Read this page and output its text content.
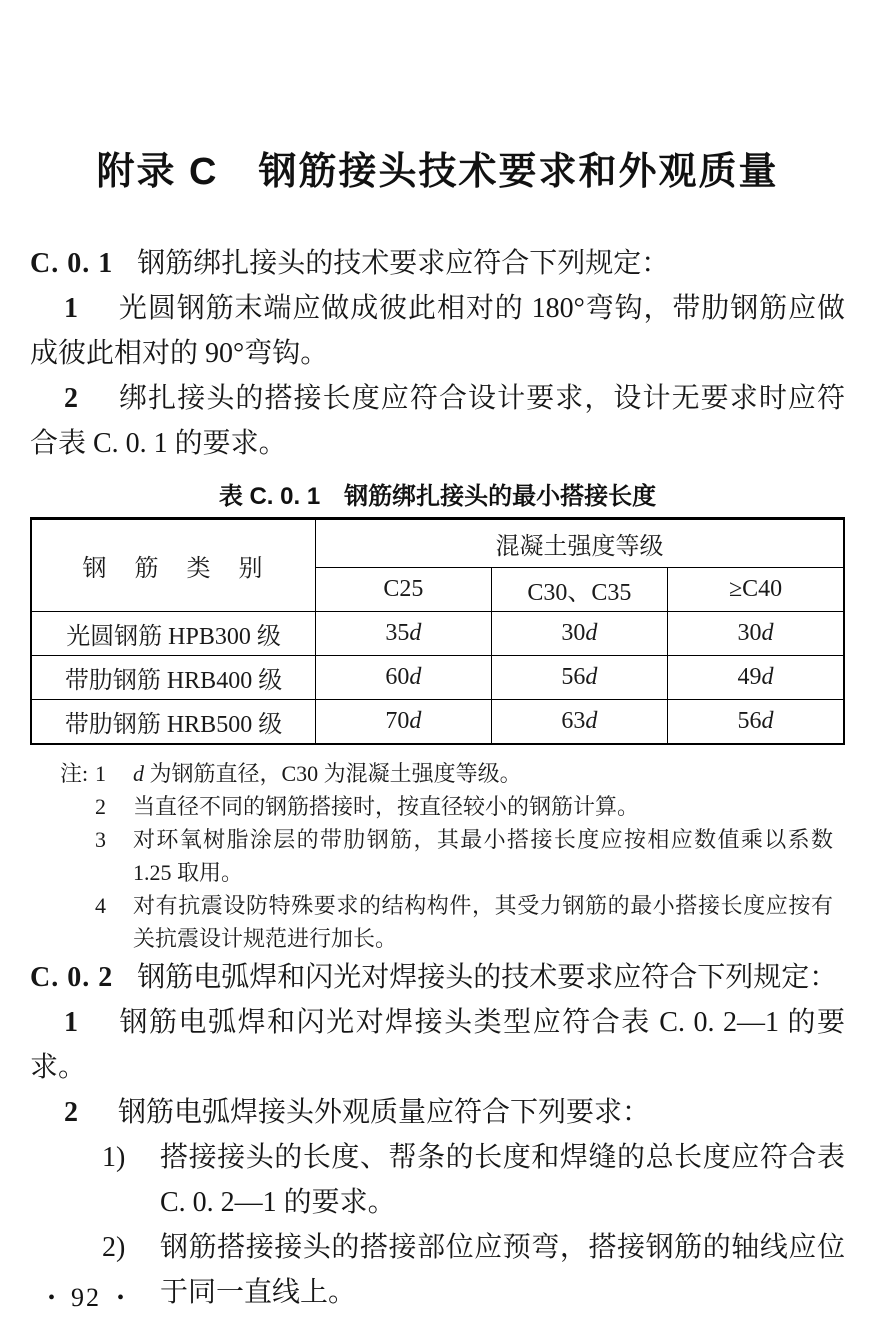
附录 C　钢筋接头技术要求和外观质量

C. 0. 1 钢筋绑扎接头的技术要求应符合下列规定：

1 光圆钢筋末端应做成彼此相对的 180°弯钩，带肋钢筋应做成彼此相对的 90°弯钩。

2 绑扎接头的搭接长度应符合设计要求，设计无要求时应符合表 C. 0. 1 的要求。

表 C. 0. 1　钢筋绑扎接头的最小搭接长度
钢　筋　类　别	混凝土强度等级		
	C25	C30、C35	≥C40
光圆钢筋 HPB300 级	35d	30d	30d
带肋钢筋 HRB400 级	60d	56d	49d
带肋钢筋 HRB500 级	70d	63d	56d
注: 1	d 为钢筋直径，C30 为混凝土强度等级。
2	当直径不同的钢筋搭接时，按直径较小的钢筋计算。
3	对环氧树脂涂层的带肋钢筋，其最小搭接长度应按相应数值乘以系数 1.25 取用。
4	对有抗震设防特殊要求的结构构件，其受力钢筋的最小搭接长度应按有关抗震设计规范进行加长。

C. 0. 2 钢筋电弧焊和闪光对焊接头的技术要求应符合下列规定：

1 钢筋电弧焊和闪光对焊接头类型应符合表 C. 0. 2—1 的要求。

2 钢筋电弧焊接头外观质量应符合下列要求：

1)	搭接接头的长度、帮条的长度和焊缝的总长度应符合表 C. 0. 2—1 的要求。
2)	钢筋搭接接头的搭接部位应预弯，搭接钢筋的轴线应位于同一直线上。
• 92 •
